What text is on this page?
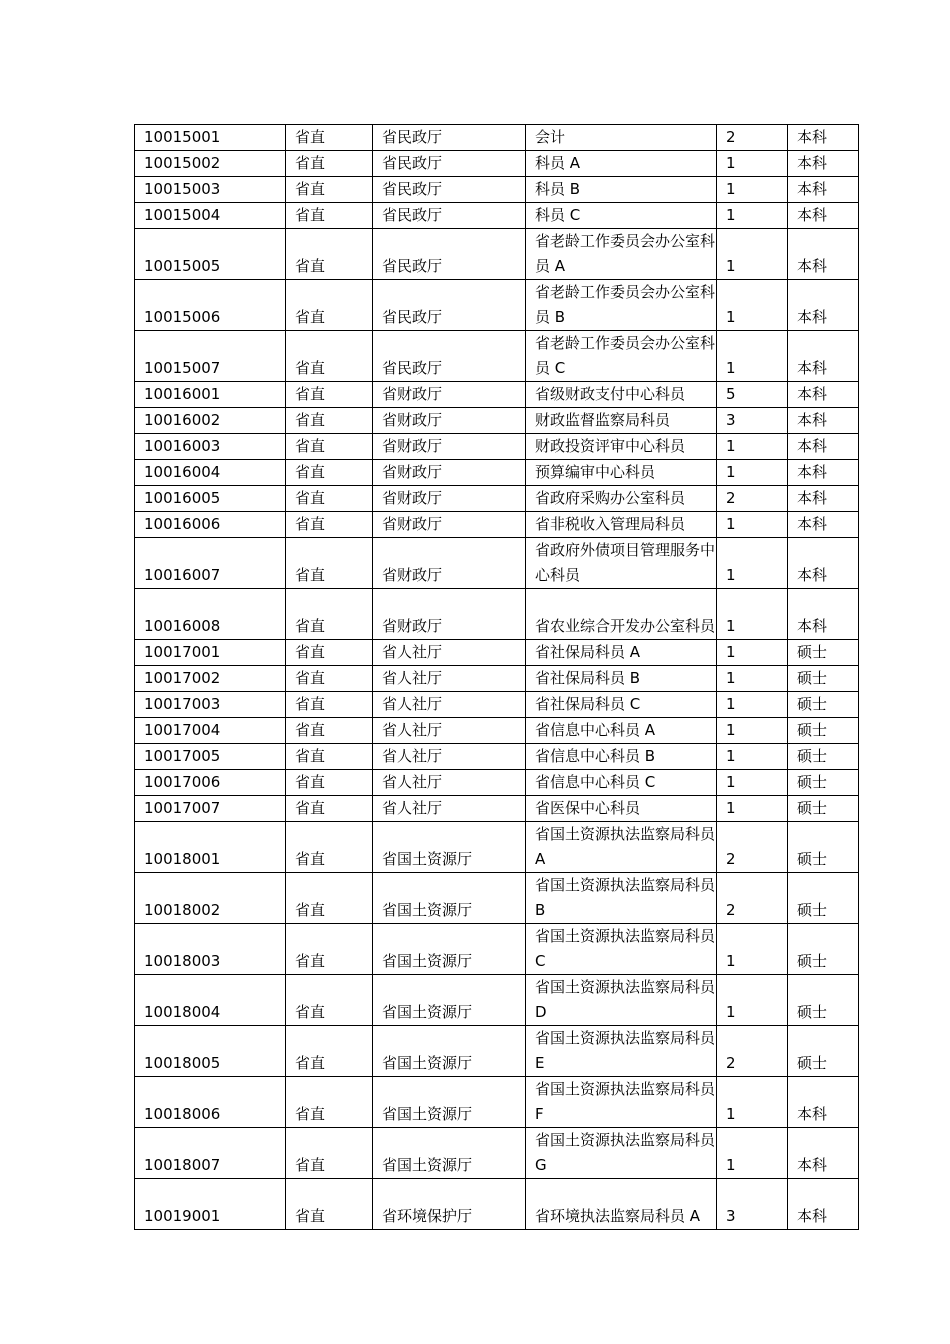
10015001	省直	省民政厅	会计	2	本科
10015002	省直	省民政厅	科员 A	1	本科
10015003	省直	省民政厅	科员 B	1	本科
10015004	省直	省民政厅	科员 C	1	本科
10015005	省直	省民政厅	省老龄工作委员会办公室科员 A	1	本科
10015006	省直	省民政厅	省老龄工作委员会办公室科员 B	1	本科
10015007	省直	省民政厅	省老龄工作委员会办公室科员 C	1	本科
10016001	省直	省财政厅	省级财政支付中心科员	5	本科
10016002	省直	省财政厅	财政监督监察局科员	3	本科
10016003	省直	省财政厅	财政投资评审中心科员	1	本科
10016004	省直	省财政厅	预算编审中心科员	1	本科
10016005	省直	省财政厅	省政府采购办公室科员	2	本科
10016006	省直	省财政厅	省非税收入管理局科员	1	本科
10016007	省直	省财政厅	省政府外债项目管理服务中心科员	1	本科
10016008	省直	省财政厅	省农业综合开发办公室科员	1	本科
10017001	省直	省人社厅	省社保局科员 A	1	硕士
10017002	省直	省人社厅	省社保局科员 B	1	硕士
10017003	省直	省人社厅	省社保局科员 C	1	硕士
10017004	省直	省人社厅	省信息中心科员 A	1	硕士
10017005	省直	省人社厅	省信息中心科员 B	1	硕士
10017006	省直	省人社厅	省信息中心科员 C	1	硕士
10017007	省直	省人社厅	省医保中心科员	1	硕士
10018001	省直	省国土资源厅	省国土资源执法监察局科员 A	2	硕士
10018002	省直	省国土资源厅	省国土资源执法监察局科员 B	2	硕士
10018003	省直	省国土资源厅	省国土资源执法监察局科员 C	1	硕士
10018004	省直	省国土资源厅	省国土资源执法监察局科员 D	1	硕士
10018005	省直	省国土资源厅	省国土资源执法监察局科员 E	2	硕士
10018006	省直	省国土资源厅	省国土资源执法监察局科员 F	1	本科
10018007	省直	省国土资源厅	省国土资源执法监察局科员 G	1	本科
10019001	省直	省环境保护厅	省环境执法监察局科员 A	3	本科
